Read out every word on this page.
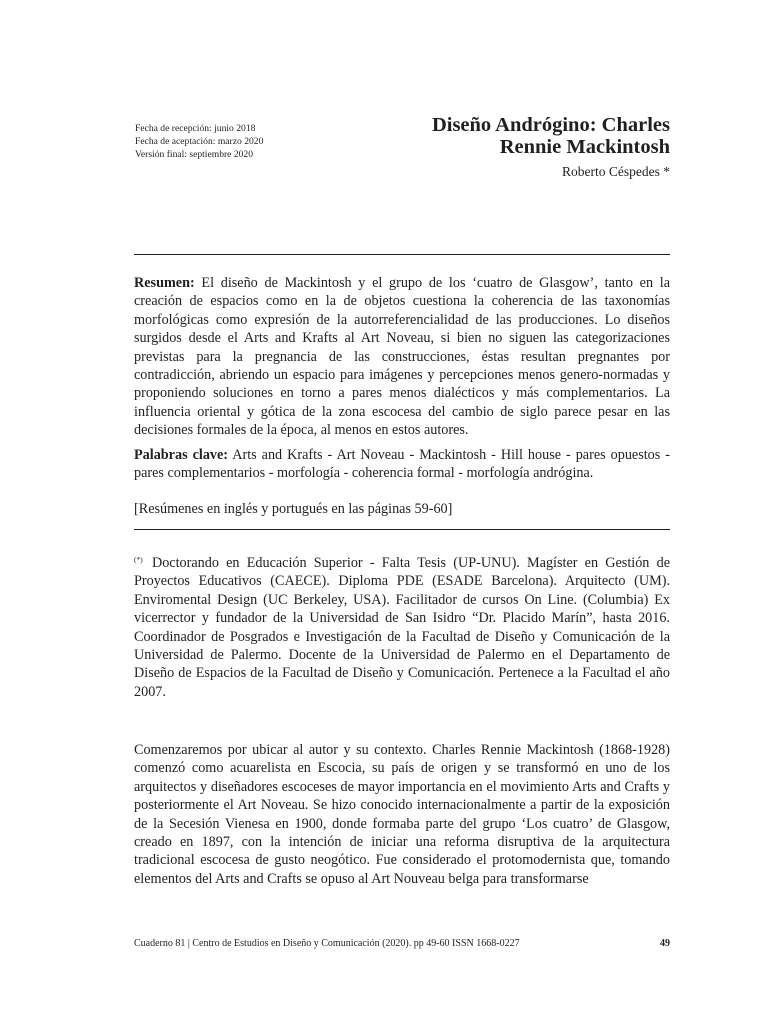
Fecha de recepción: junio 2018
Fecha de aceptación: marzo 2020
Versión final: septiembre 2020
Diseño Andrógino: Charles
Rennie Mackintosh
Roberto Céspedes *
Resumen: El diseño de Mackintosh y el grupo de los ‘cuatro de Glasgow’, tanto en la creación de espacios como en la de objetos cuestiona la coherencia de las taxonomías morfológicas como expresión de la autorreferencialidad de las producciones. Lo diseños surgidos desde el Arts and Krafts al Art Noveau, si bien no siguen las categorizaciones previstas para la pregnancia de las construcciones, éstas resultan pregnantes por contradicción, abriendo un espacio para imágenes y percepciones menos genero-normadas y proponiendo soluciones en torno a pares menos dialécticos y más complementarios. La influencia oriental y gótica de la zona escocesa del cambio de siglo parece pesar en las decisiones formales de la época, al menos en estos autores.
Palabras clave: Arts and Krafts - Art Noveau - Mackintosh - Hill house - pares opuestos - pares complementarios - morfología - coherencia formal - morfología andrógina.
[Resúmenes en inglés y portugués en las páginas 59-60]
(*) Doctorando en Educación Superior - Falta Tesis (UP-UNU). Magíster en Gestión de Proyectos Educativos (CAECE). Diploma PDE (ESADE Barcelona). Arquitecto (UM). Enviromental Design (UC Berkeley, USA). Facilitador de cursos On Line. (Columbia) Ex vicerrector y fundador de la Universidad de San Isidro “Dr. Placido Marín”, hasta 2016. Coordinador de Posgrados e Investigación de la Facultad de Diseño y Comunicación de la Universidad de Palermo. Docente de la Universidad de Palermo en el Departamento de Diseño de Espacios de la Facultad de Diseño y Comunicación. Pertenece a la Facultad el año 2007.
Comenzaremos por ubicar al autor y su contexto. Charles Rennie Mackintosh (1868-1928) comenzó como acuarelista en Escocia, su país de origen y se transformó en uno de los arquitectos y diseñadores escoceses de mayor importancia en el movimiento Arts and Crafts y posteriormente el Art Noveau. Se hizo conocido internacionalmente a partir de la exposición de la Secesión Vienesa en 1900, donde formaba parte del grupo ‘Los cuatro’ de Glasgow, creado en 1897, con la intención de iniciar una reforma disruptiva de la arquitectura tradicional escocesa de gusto neogótico. Fue considerado el protomodernista que, tomando elementos del Arts and Crafts se opuso al Art Nouveau belga para transformarse
Cuaderno 81 | Centro de Estudios en Diseño y Comunicación (2020). pp 49-60 ISSN 1668-0227	49
